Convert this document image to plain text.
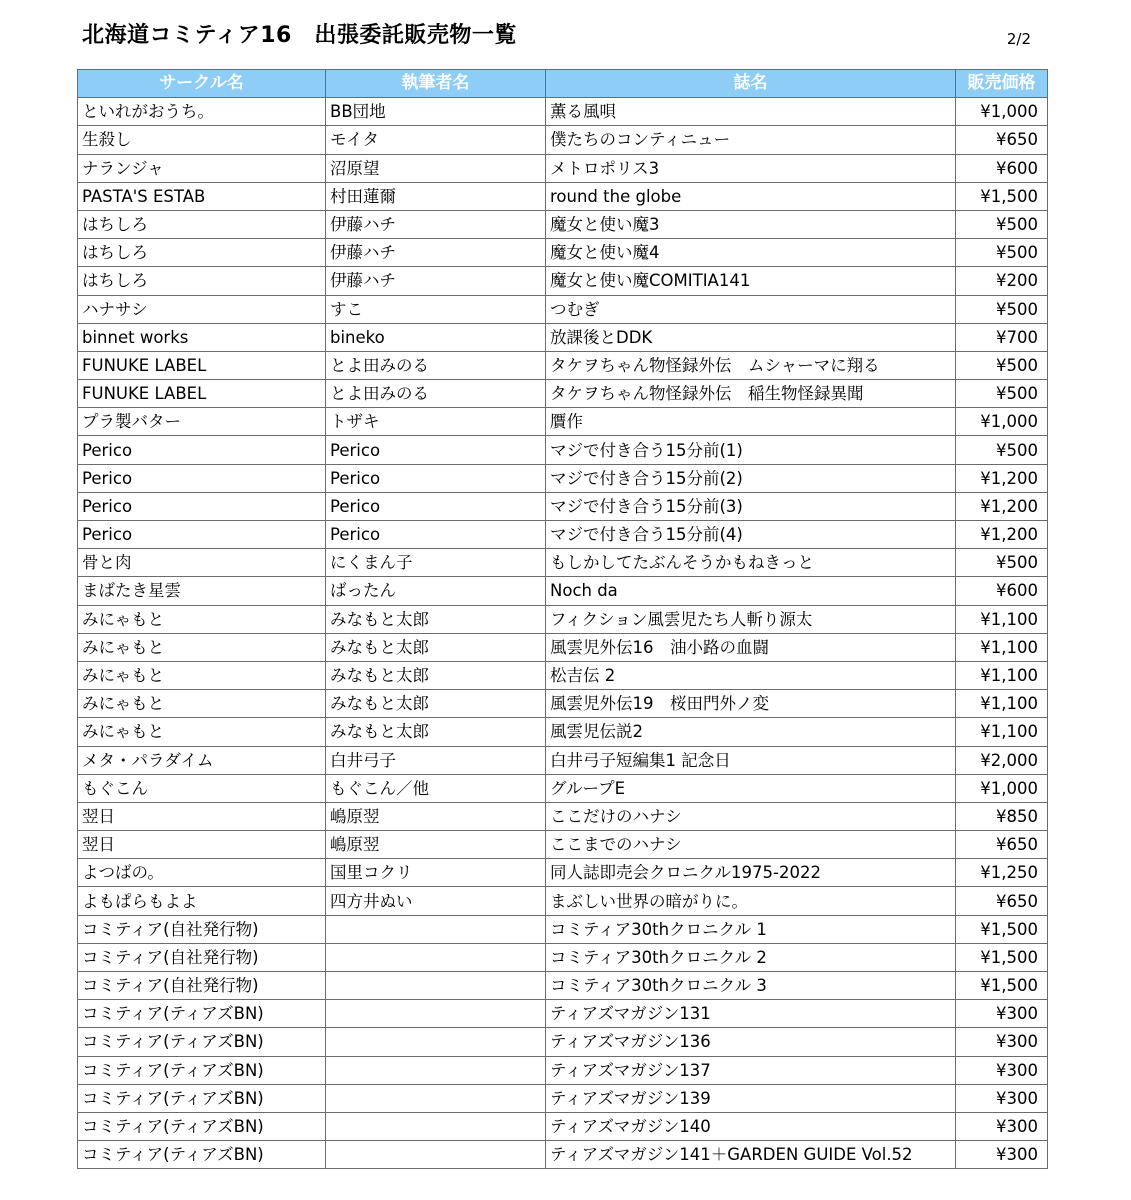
北海道コミティア16　出張委託販売物一覧	2/2
サークル名	執筆者名	誌名	販売価格
といれがおうち。	BB団地	薫る風唄	¥1,000
生殺し	モイタ	僕たちのコンティニュー	¥650
ナランジャ	沼原望	メトロポリス3	¥600
PASTA'S ESTAB	村田蓮爾	round the globe	¥1,500
はちしろ	伊藤ハチ	魔女と使い魔3	¥500
はちしろ	伊藤ハチ	魔女と使い魔4	¥500
はちしろ	伊藤ハチ	魔女と使い魔COMITIA141	¥200
ハナサシ	すこ	つむぎ	¥500
binnet works	bineko	放課後とDDK	¥700
FUNUKE LABEL	とよ田みのる	タケヲちゃん物怪録外伝　ムシャーマに翔る	¥500
FUNUKE LABEL	とよ田みのる	タケヲちゃん物怪録外伝　稲生物怪録異聞	¥500
プラ製バター	トザキ	贋作	¥1,000
Perico	Perico	マジで付き合う15分前(1)	¥500
Perico	Perico	マジで付き合う15分前(2)	¥1,200
Perico	Perico	マジで付き合う15分前(3)	¥1,200
Perico	Perico	マジで付き合う15分前(4)	¥1,200
骨と肉	にくまん子	もしかしてたぶんそうかもねきっと	¥500
まばたき星雲	ばったん	Noch da	¥600
みにゃもと	みなもと太郎	フィクション風雲児たち人斬り源太	¥1,100
みにゃもと	みなもと太郎	風雲児外伝16　油小路の血闘	¥1,100
みにゃもと	みなもと太郎	松吉伝 2	¥1,100
みにゃもと	みなもと太郎	風雲児外伝19　桜田門外ノ変	¥1,100
みにゃもと	みなもと太郎	風雲児伝説2	¥1,100
メタ・パラダイム	白井弓子	白井弓子短編集1 記念日	¥2,000
もぐこん	もぐこん／他	グループE	¥1,000
翌日	嶋原翌	ここだけのハナシ	¥850
翌日	嶋原翌	ここまでのハナシ	¥650
よつばの。	国里コクリ	同人誌即売会クロニクル1975-2022	¥1,250
よもぱらもよよ	四方井ぬい	まぶしい世界の暗がりに。	¥650
コミティア(自社発行物)		コミティア30thクロニクル 1	¥1,500
コミティア(自社発行物)		コミティア30thクロニクル 2	¥1,500
コミティア(自社発行物)		コミティア30thクロニクル 3	¥1,500
コミティア(ティアズBN)		ティアズマガジン131	¥300
コミティア(ティアズBN)		ティアズマガジン136	¥300
コミティア(ティアズBN)		ティアズマガジン137	¥300
コミティア(ティアズBN)		ティアズマガジン139	¥300
コミティア(ティアズBN)		ティアズマガジン140	¥300
コミティア(ティアズBN)		ティアズマガジン141＋GARDEN GUIDE Vol.52	¥300
